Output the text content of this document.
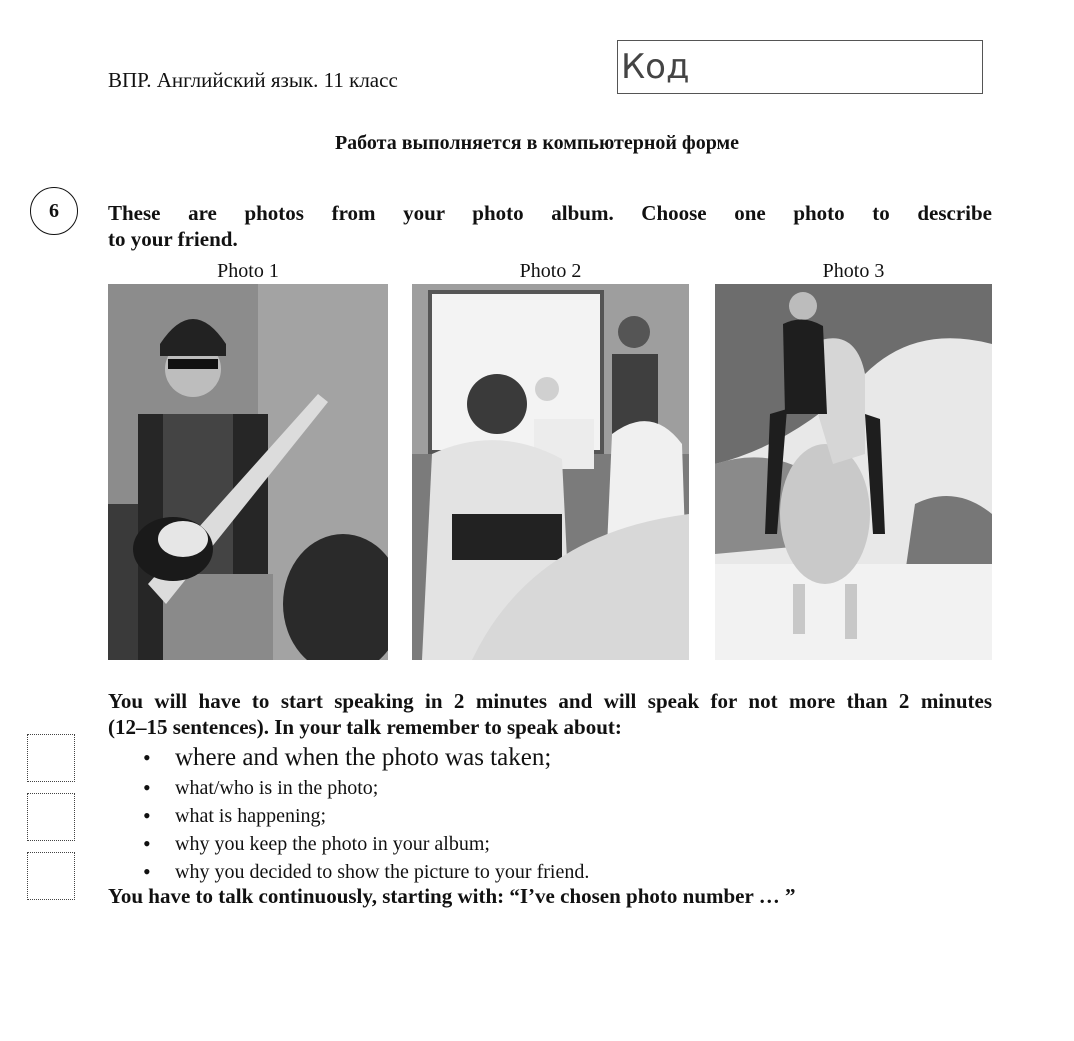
ВПР. Английский язык. 11 класс	Код
Работа выполняется в компьютерной форме
6 These are photos from your photo album. Choose one photo to describe
to your friend.
Photo 1	Photo 2	Photo 3
You will have to start speaking in 2 minutes and will speak for not more than 2 minutes
(12–15 sentences). In your talk remember to speak about:
• where and when the photo was taken;
• what/who is in the photo;
• what is happening;
• why you keep the photo in your album;
• why you decided to show the picture to your friend.
You have to talk continuously, starting with: “I’ve chosen photo number … ”
